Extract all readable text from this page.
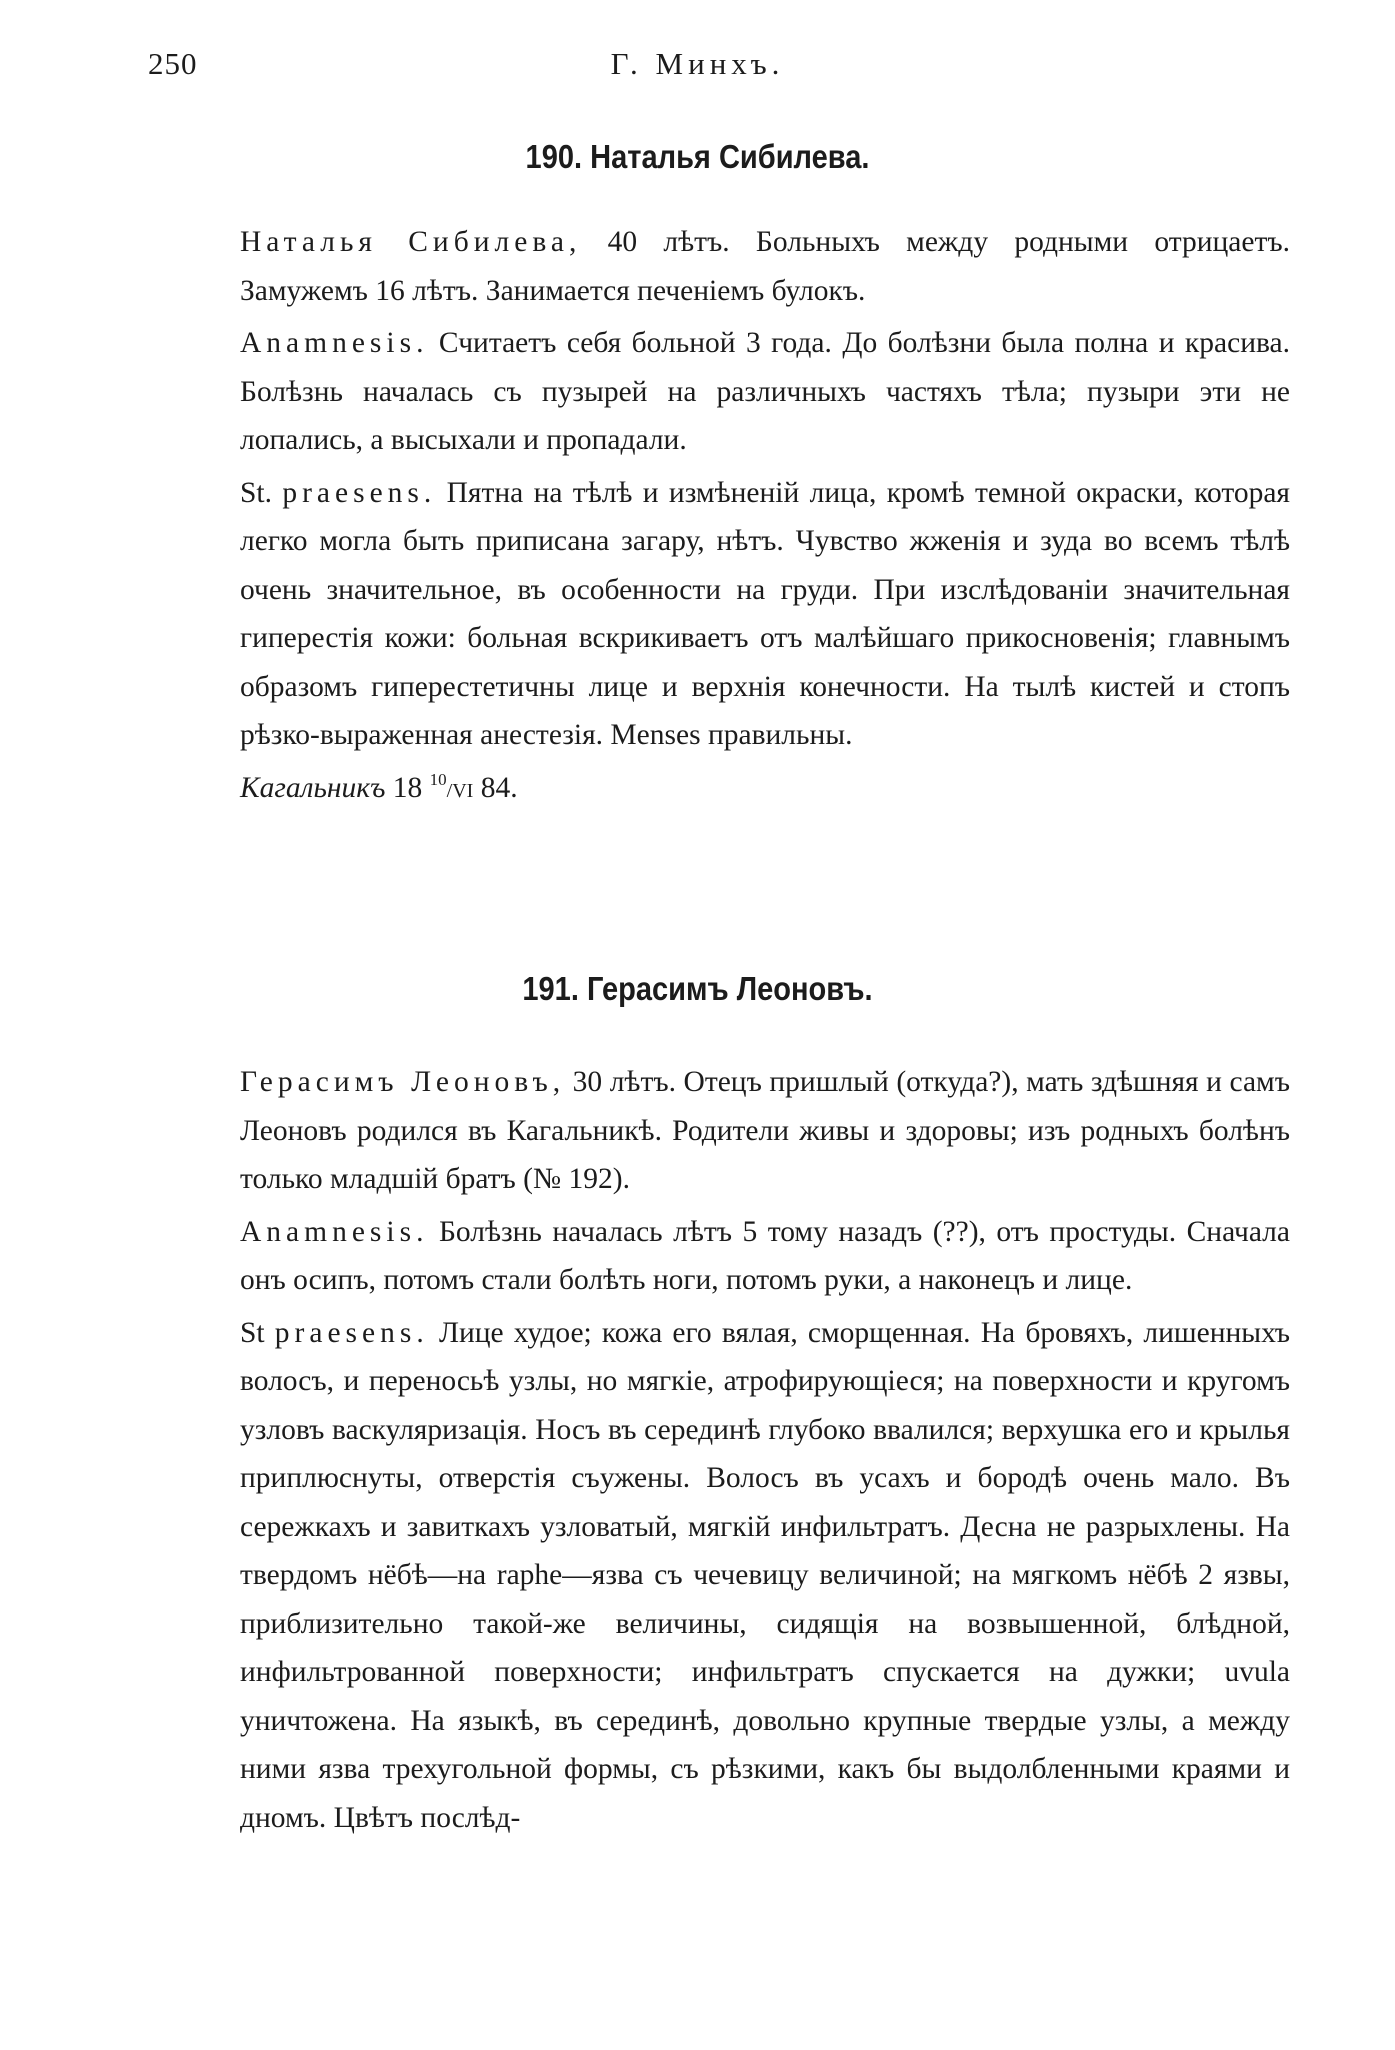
250	Г. Минхъ.
190. Наталья Сибилева.

Наталья Сибилева, 40 лѣтъ. Больныхъ между родными отрицаетъ. Замужемъ 16 лѣтъ. Занимается печеніемъ булокъ.

Anamnesis. Считаетъ себя больной 3 года. До болѣзни была полна и красива. Болѣзнь началась съ пузырей на различныхъ частяхъ тѣла; пузыри эти не лопались, а высыхали и пропадали.

St. praesens. Пятна на тѣлѣ и измѣненій лица, кромѣ темной окраски, которая легко могла быть приписана загару, нѣтъ. Чувство жженія и зуда во всемъ тѣлѣ очень значительное, въ особенности на груди. При изслѣдованіи значительная гиперестія кожи: больная вскрикиваетъ отъ малѣйшаго прикосновенія; главнымъ образомъ гиперестетичны лице и верхнія конечности. На тылѣ кистей и стопъ рѣзко-выраженная анестезія. Menses правильны.

Кагальникъ 18 $^{10}$/VI 84.

191. Герасимъ Леоновъ.

Герасимъ Леоновъ, 30 лѣтъ. Отецъ пришлый (откуда?), мать здѣшняя и самъ Леоновъ родился въ Кагальникѣ. Родители живы и здоровы; изъ родныхъ болѣнъ только младшій братъ (№ 192).

Anamnesis. Болѣзнь началась лѣтъ 5 тому назадъ (??), отъ простуды. Сначала онъ осипъ, потомъ стали болѣть ноги, потомъ руки, а наконецъ и лице.

St praesens. Лице худое; кожа его вялая, сморщенная. На бровяхъ, лишенныхъ волосъ, и переносьѣ узлы, но мягкіе, атрофирующіеся; на поверхности и кругомъ узловъ васкуляризація. Носъ въ серединѣ глубоко ввалился; верхушка его и крылья приплюснуты, отверстія съужены. Волосъ въ усахъ и бородѣ очень мало. Въ сережкахъ и завиткахъ узловатый, мягкій инфильтратъ. Десна не разрыхлены. На твердомъ нёбѣ—на raphe—язва съ чечевицу величиной; на мягкомъ нёбѣ 2 язвы, приблизительно такой-же величины, сидящія на возвышенной, блѣдной, инфильтрованной поверхности; инфильтратъ спускается на дужки; uvula уничтожена. На языкѣ, въ серединѣ, довольно крупные твердые узлы, а между ними язва трехугольной формы, съ рѣзкими, какъ бы выдолбленными краями и дномъ. Цвѣтъ послѣд-
